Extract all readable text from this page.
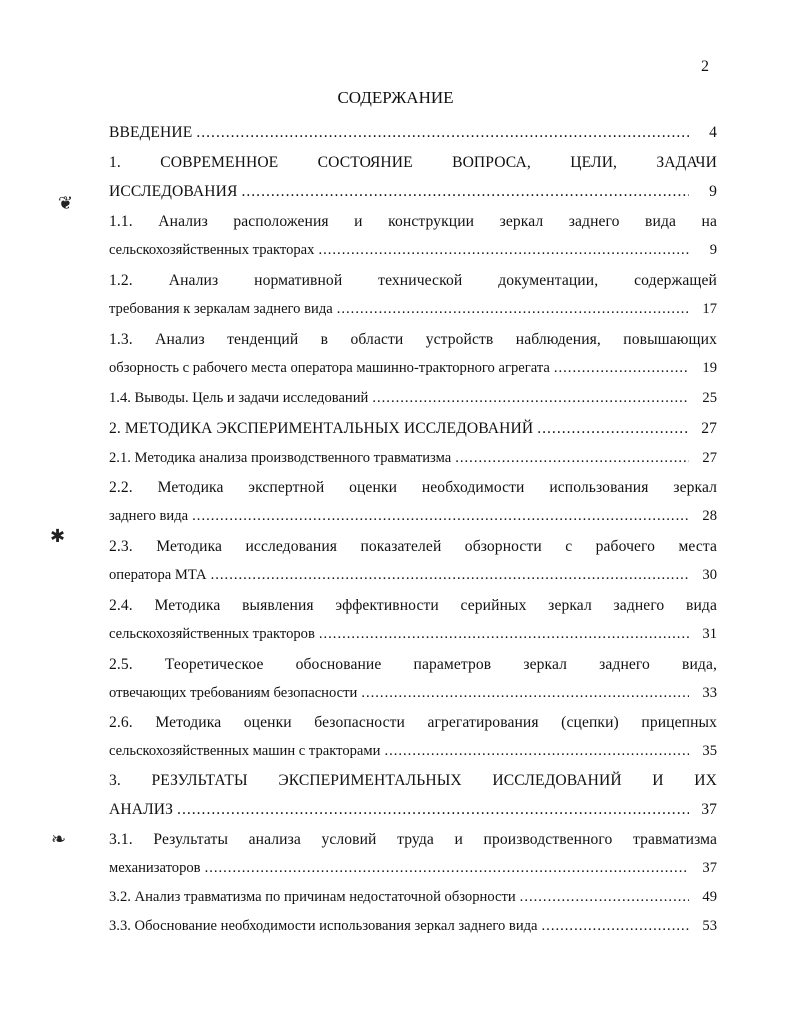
2
СОДЕРЖАНИЕ
❦
✱
❧
ВВЕДЕНИЕ .....	4
1. СОВРЕМЕННОЕ СОСТОЯНИЕ ВОПРОСА, ЦЕЛИ, ЗАДАЧИ
ИССЛЕДОВАНИЯ .....	9
1.1. Анализ расположения и конструкции зеркал заднего вида на
сельскохозяйственных тракторах .....	9
1.2. Анализ нормативной технической документации, содержащей
требования к зеркалам заднего вида .....	17
1.3. Анализ тенденций в области устройств наблюдения, повышающих
обзорность с рабочего места оператора машинно-тракторного агрегата .....	19
1.4. Выводы. Цель и задачи исследований .....	25
2. МЕТОДИКА ЭКСПЕРИМЕНТАЛЬНЫХ ИССЛЕДОВАНИЙ .....	27
2.1. Методика анализа производственного травматизма .....	27
2.2. Методика экспертной оценки необходимости использования зеркал
заднего вида .....	28
2.3. Методика исследования показателей обзорности с рабочего места
оператора МТА .....	30
2.4. Методика выявления эффективности серийных зеркал заднего вида
сельскохозяйственных тракторов .....	31
2.5. Теоретическое обоснование параметров зеркал заднего вида,
отвечающих требованиям безопасности .....	33
2.6. Методика оценки безопасности агрегатирования (сцепки) прицепных
сельскохозяйственных машин с тракторами .....	35
3. РЕЗУЛЬТАТЫ ЭКСПЕРИМЕНТАЛЬНЫХ ИССЛЕДОВАНИЙ И ИХ
АНАЛИЗ .....	37
3.1. Результаты анализа условий труда и производственного травматизма
механизаторов .....	37
3.2. Анализ травматизма по причинам недостаточной обзорности .....	49
3.3. Обоснование необходимости использования зеркал заднего вида .....	53
